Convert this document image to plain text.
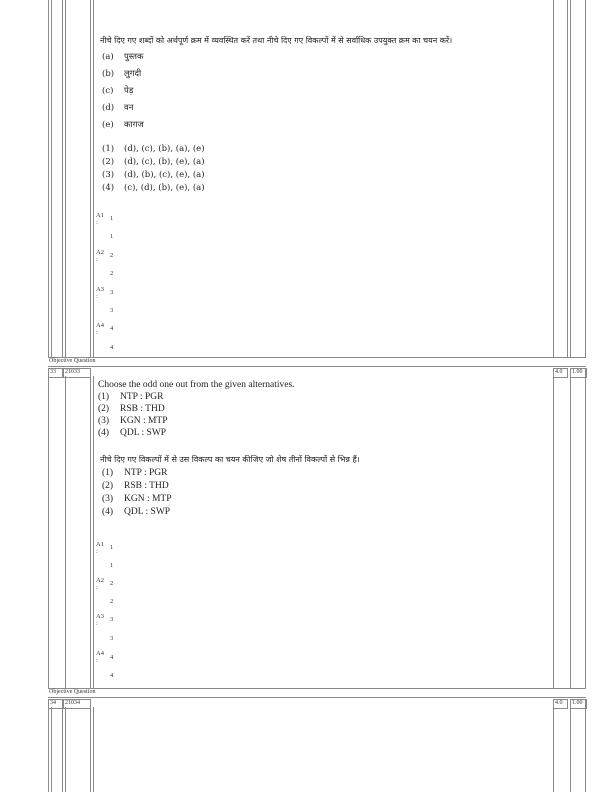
Objective Question
33 21033	4.0 1.00
Objective Question
34 21034	4.0 1.00
नीचे दिए गए शब्दों को अर्थपूर्ण क्रम में व्यवस्थित करें तथा नीचे दिए गए विकल्पों में से सर्वाधिक उपयुक्त क्रम का चयन करें।
(a) पुस्तक
(b) लुगदी
(c) पेड़
(d) वन
(e) कागज
(1) (d), (c), (b), (a), (e)
(2) (d), (c), (b), (e), (a)
(3) (d), (b), (c), (e), (a)
(4) (c), (d), (b), (e), (a)
A1
:
1
1
A2
:
2
2
A3
:
3
3
A4
:
4
4
Choose the odd one out from the given alternatives.
(1) NTP : PGR
(2) RSB : THD
(3) KGN : MTP
(4) QDL : SWP
नीचे दिए गए विकल्पों में से उस विकल्प का चयन कीजिए जो शेष तीनों विकल्पों से भिन्न हैं।
(1) NTP : PGR
(2) RSB : THD
(3) KGN : MTP
(4) QDL : SWP
A1
:
1
1
A2
:
2
2
A3
:
3
3
A4
: 4
4
